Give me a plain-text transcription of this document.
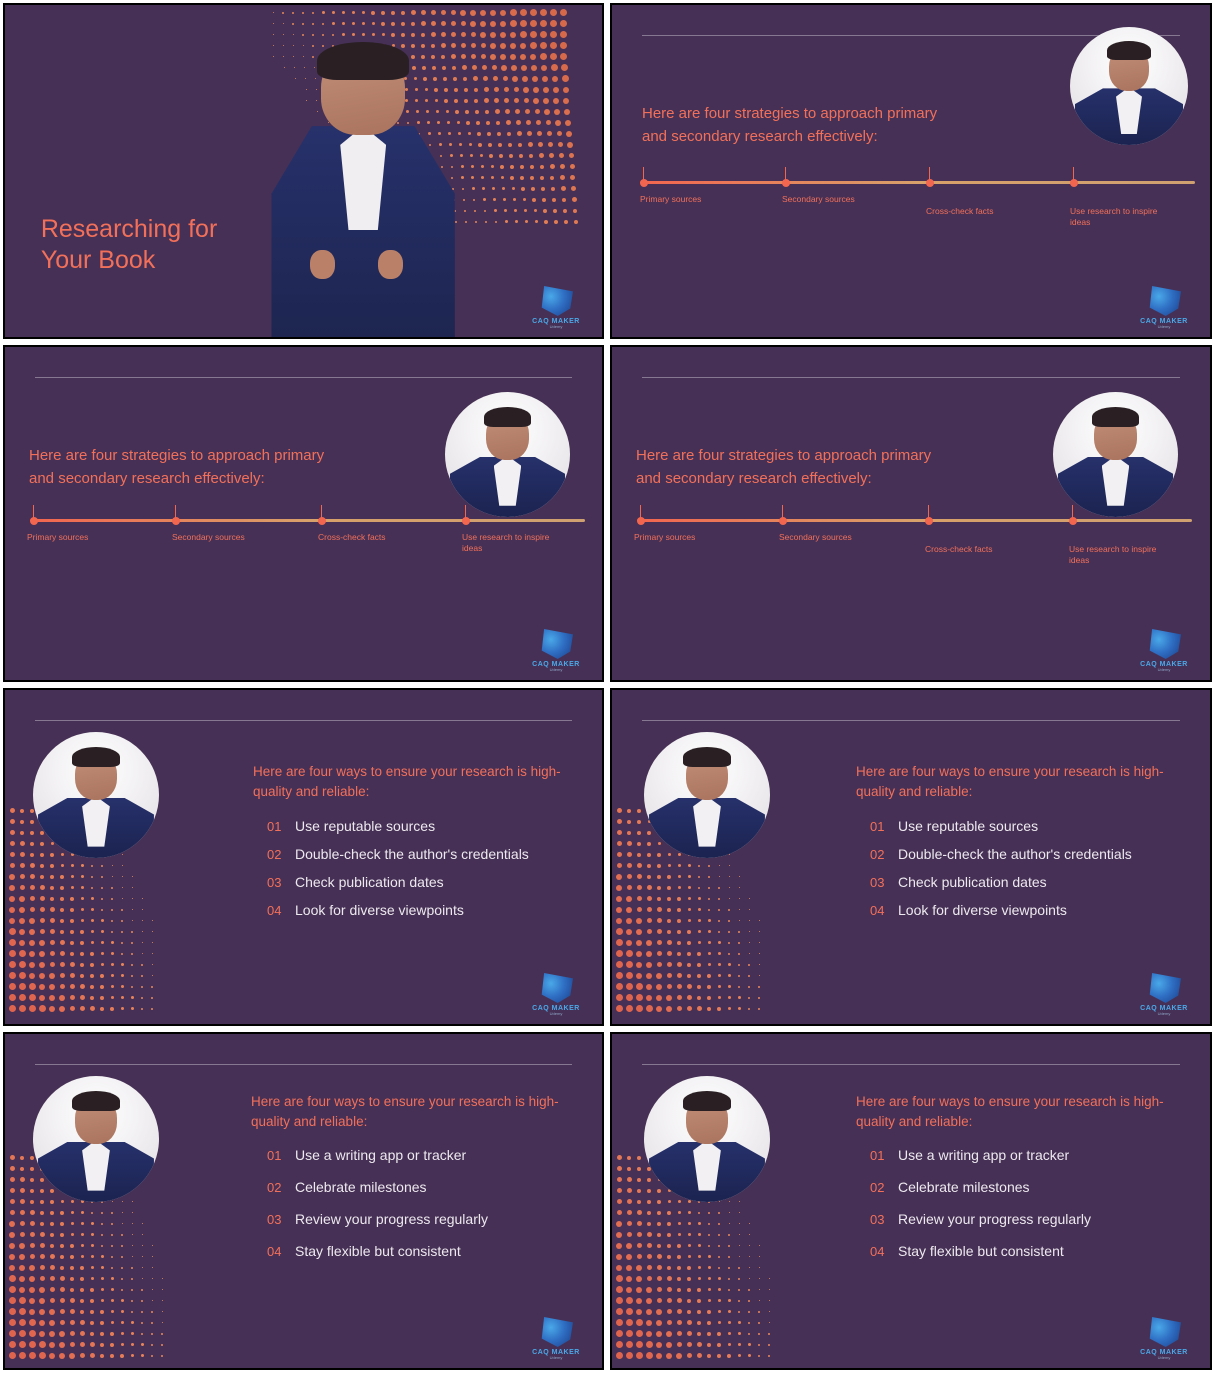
Researching for
Your Book
CAQ MAKER
Udemy
Here are four strategies to approach primary
and secondary research effectively:
Primary sources	Secondary sources
Cross-check facts	Use research to inspire ideas
CAQ MAKER
Udemy
Here are four strategies to approach primary
and secondary research effectively:
Primary sources	Secondary sources	Cross-check facts	Use research to inspire ideas
CAQ MAKER
Udemy
Here are four strategies to approach primary
and secondary research effectively:
Primary sources	Secondary sources
Cross-check facts	Use research to inspire ideas
CAQ MAKER
Udemy
Here are four ways to ensure your research is high-
quality and reliable:
01 Use reputable sources
02 Double-check the author's credentials
03 Check publication dates
04 Look for diverse viewpoints
CAQ MAKER
Udemy
Here are four ways to ensure your research is high-
quality and reliable:
01 Use reputable sources
02 Double-check the author's credentials
03 Check publication dates
04 Look for diverse viewpoints
CAQ MAKER
Udemy
Here are four ways to ensure your research is high-
quality and reliable:
01 Use a writing app or tracker
02 Celebrate milestones
03 Review your progress regularly
04 Stay flexible but consistent
CAQ MAKER
Udemy
Here are four ways to ensure your research is high-
quality and reliable:
01 Use a writing app or tracker
02 Celebrate milestones
03 Review your progress regularly
04 Stay flexible but consistent
CAQ MAKER
Udemy
